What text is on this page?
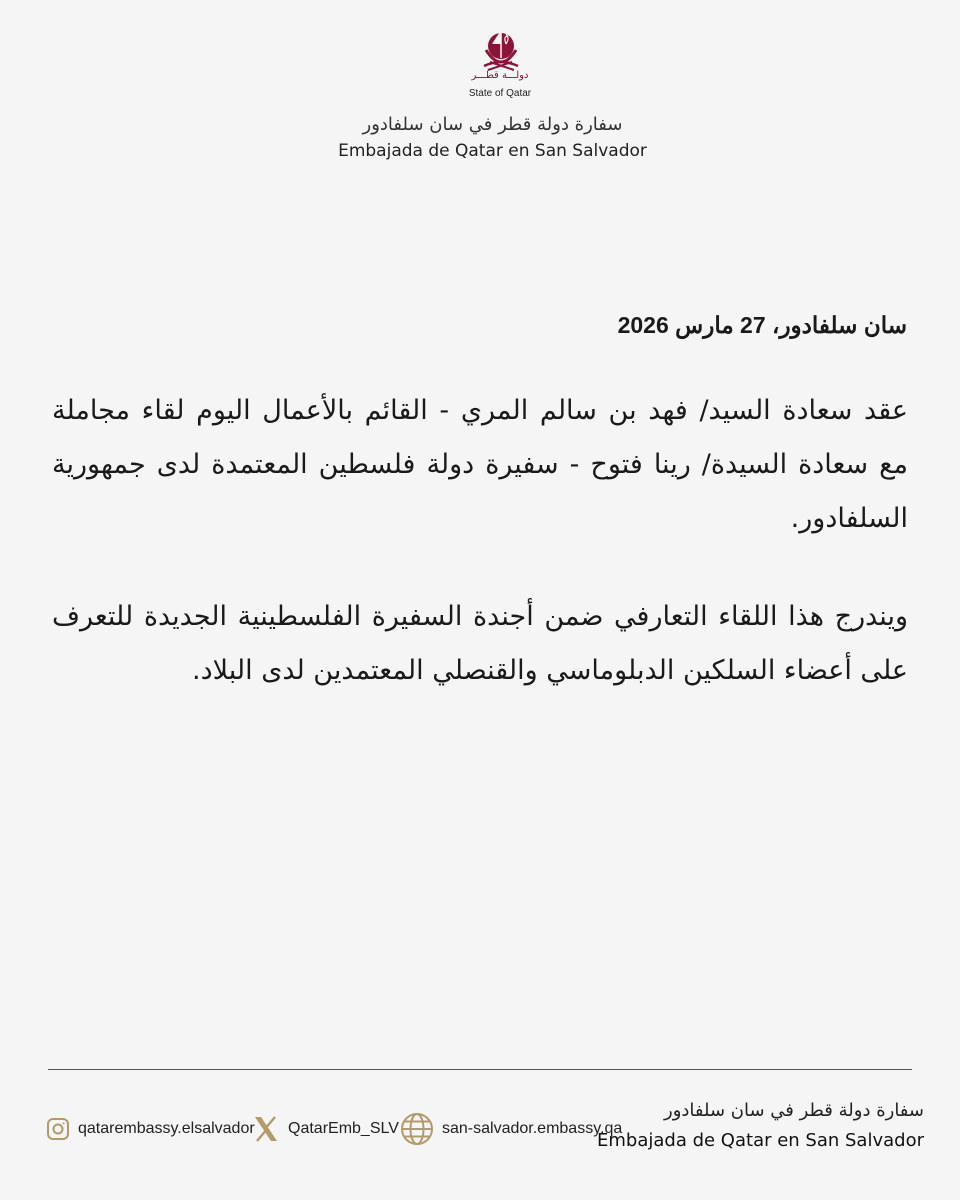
دولـــة قطـــر
State of Qatar
سفارة دولة قطر في سان سلفادور
Embajada de Qatar en San Salvador
سان سلفادور، 27 مارس 2026
عقد سعادة السيد/ فهد بن سالم المري - القائم بالأعمال اليوم لقاء مجاملة مع سعادة السيدة/ رينا فتوح - سفيرة دولة فلسطين المعتمدة لدى جمهورية السلفادور.
ويندرج هذا اللقاء التعارفي ضمن أجندة السفيرة الفلسطينية الجديدة للتعرف على أعضاء السلكين الدبلوماسي والقنصلي المعتمدين لدى البلاد.
سفارة دولة قطر في سان سلفادور
Embajada de Qatar en San Salvador
san-salvador.embassy.qa
QatarEmb_SLV
qatarembassy.elsalvador
